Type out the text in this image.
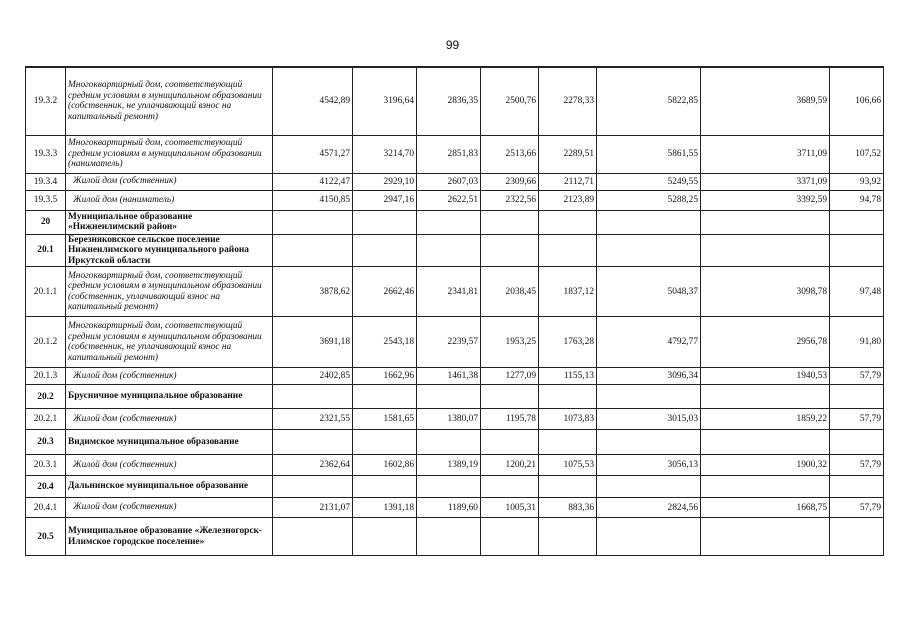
99
19.3.2	Многоквартирный дом, соответствующий средним условиям в муниципальном образовании (собственник, не уплачивающий взнос на капитальный ремонт)	4542,89	3196,64	2836,35	2500,76	2278,33	5822,85	3689,59	106,66
19.3.3	Многоквартирный дом, соответствующий средним условиям в муниципальном образовании (наниматель)	4571,27	3214,70	2851,83	2513,66	2289,51	5861,55	3711,09	107,52
19.3.4	Жилой дом (собственник)	4122,47	2929,10	2607,03	2309,66	2112,71	5249,55	3371,09	93,92
19.3.5	Жилой дом (наниматель)	4150,85	2947,16	2622,51	2322,56	2123,89	5288,25	3392,59	94,78
20	Муниципальное образование «Нижнеилимский район»								
20.1	Березняковское сельское поселение Нижнеилимского муниципального района Иркутской области								
20.1.1	Многоквартирный дом, соответствующий средним условиям в муниципальном образовании (собственник, уплачивающий взнос на капитальный ремонт)	3878,62	2662,46	2341,81	2038,45	1837,12	5048,37	3098,78	97,48
20.1.2	Многоквартирный дом, соответствующий средним условиям в муниципальном образовании (собственник, не уплачивающий взнос на капитальный ремонт)	3691,18	2543,18	2239,57	1953,25	1763,28	4792,77	2956,78	91,80
20.1.3	Жилой дом (собственник)	2402,85	1662,96	1461,38	1277,09	1155,13	3096,34	1940,53	57,79
20.2	Брусничное муниципальное образование								
20.2.1	Жилой дом (собственник)	2321,55	1581,65	1380,07	1195,78	1073,83	3015,03	1859,22	57,79
20.3	Видимское муниципальное образование								
20.3.1	Жилой дом (собственник)	2362,64	1602,86	1389,19	1200,21	1075,53	3056,13	1900,32	57,79
20.4	Дальнинское муниципальное образование								
20.4.1	Жилой дом (собственник)	2131,07	1391,18	1189,60	1005,31	883,36	2824,56	1668,75	57,79
20.5	Муниципальное образование «Железногорск-Илимское городское поселение»								
